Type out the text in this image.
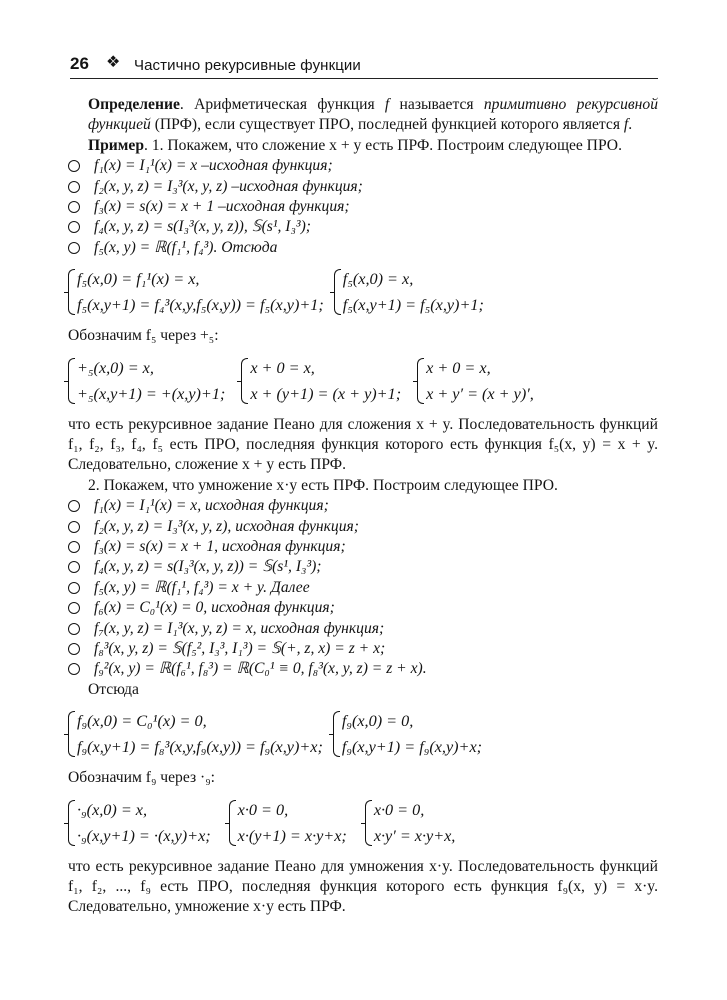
26 ❖ Частично рекурсивные функции
Определение. Арифметическая функция f называется примитивно рекурсивной функцией (ПРФ), если существует ПРО, последней функцией которого является f.
Пример. 1. Покажем, что сложение x + y есть ПРФ. Построим следующее ПРО.
f₁(x) = I₁¹(x) = x –исходная функция;
f₂(x, y, z) = I₃³(x, y, z) –исходная функция;
f₃(x) = s(x) = x + 1 –исходная функция;
f₄(x, y, z) = s(I₃³(x, y, z)), 𝕊(s¹, I₃³);
f₅(x, y) = ℝ(f₁¹, f₄³). Отсюда
f₅(x,0) = f₁¹(x) = x,
f₅(x,y+1) = f₄³(x,y,f₅(x,y)) = f₅(x,y)+1;
f₅(x,0) = x,
f₅(x,y+1) = f₅(x,y)+1;
Обозначим f₅ через +₅:
+₅(x,0) = x,
+₅(x,y+1) = +(x,y)+1;
x + 0 = x,
x + (y+1) = (x + y)+1;
x + 0 = x,
x + y′ = (x + y)′,
что есть рекурсивное задание Пеано для сложения x + y. Последовательность функций f₁, f₂, f₃, f₄, f₅ есть ПРО, последняя функция которого есть функция f₅(x, y) = x + y. Следовательно, сложение x + y есть ПРФ.
2. Покажем, что умножение x·y есть ПРФ. Построим следующее ПРО.
f₁(x) = I₁¹(x) = x, исходная функция;
f₂(x, y, z) = I₃³(x, y, z), исходная функция;
f₃(x) = s(x) = x + 1, исходная функция;
f₄(x, y, z) = s(I₃³(x, y, z)) = 𝕊(s¹, I₃³);
f₅(x, y) = ℝ(f₁¹, f₄³) = x + y. Далее
f₆(x) = C₀¹(x) = 0, исходная функция;
f₇(x, y, z) = I₁³(x, y, z) = x, исходная функция;
f₈³(x, y, z) = 𝕊(f₅², I₃³, I₁³) = 𝕊(+, z, x) = z + x;
f₉²(x, y) = ℝ(f₆¹, f₈³) = ℝ(C₀¹ ≡ 0, f₈³(x, y, z) = z + x).
Отсюда
f₉(x,0) = C₀¹(x) = 0,
f₉(x,y+1) = f₈³(x,y,f₉(x,y)) = f₉(x,y)+x;
f₉(x,0) = 0,
f₉(x,y+1) = f₉(x,y)+x;
Обозначим f₉ через ·₉:
·₉(x,0) = x,
·₉(x,y+1) = ·(x,y)+x;
x·0 = 0,
x·(y+1) = x·y+x;
x·0 = 0,
x·y′ = x·y+x,
что есть рекурсивное задание Пеано для умножения x·y. Последовательность функций f₁, f₂, ..., f₉ есть ПРО, последняя функция которого есть функция f₉(x, y) = x·y. Следовательно, умножение x·y есть ПРФ.
